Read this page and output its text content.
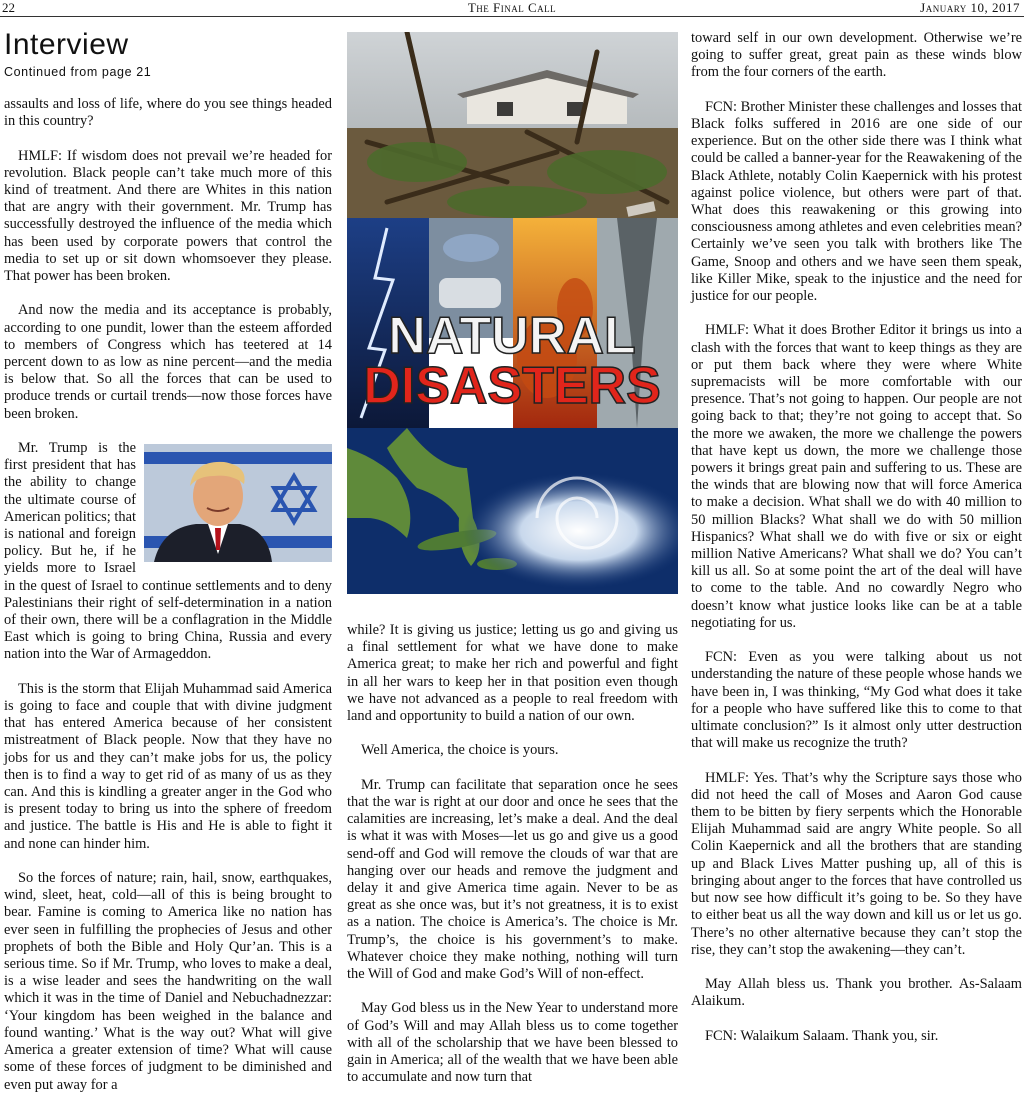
22	The Final Call	January 10, 2017
Interview
Continued from page 21

assaults and loss of life, where do you see things headed in this country?

HMLF: If wisdom does not prevail we’re headed for revolution. Black people can’t take much more of this kind of treatment. And there are Whites in this nation that are angry with their government. Mr. Trump has successfully destroyed the influence of the media which has been used by corporate powers that control the media to set up or sit down whomsoever they please. That power has been broken.

And now the media and its acceptance is probably, according to one pundit, lower than the esteem afforded to members of Congress which has teetered at 14 percent down to as low as nine percent—and the media is below that. So all the forces that can be used to produce trends or curtail trends—now those forces have been broken.

Mr. Trump is the first president that has the ability to change the ultimate course of American politics; that is national and foreign policy. But he, if he yields more to Israel in the quest of Israel to continue settlements and to deny Palestinians their right of self-determination in a nation of their own, there will be a conflagration in the Middle East which is going to bring China, Russia and every nation into the War of Armageddon.

This is the storm that Elijah Muhammad said America is going to face and couple that with divine judgment that has entered America because of her consistent mistreatment of Black people. Now that they have no jobs for us and they can’t make jobs for us, the policy then is to find a way to get rid of as many of us as they can. And this is kindling a greater anger in the God who is present today to bring us into the sphere of freedom and justice. The battle is His and He is able to fight it and none can hinder him.

So the forces of nature; rain, hail, snow, earthquakes, wind, sleet, heat, cold—all of this is being brought to bear. Famine is coming to America like no nation has ever seen in fulfilling the prophecies of Jesus and other prophets of both the Bible and Holy Qur’an. This is a serious time. So if Mr. Trump, who loves to make a deal, is a wise leader and sees the handwriting on the wall which it was in the time of Daniel and Nebuchadnezzar: ‘Your kingdom has been weighed in the balance and found wanting.’ What is the way out? What will give America a greater extension of time? What will cause some of these forces of judgment to be diminished and even put away for a

NATURAL
DISASTERS

while? It is giving us justice; letting us go and giving us a final settlement for what we have done to make America great; to make her rich and powerful and fight in all her wars to keep her in that position even though we have not advanced as a people to real freedom with land and opportunity to build a nation of our own.

Well America, the choice is yours.

Mr. Trump can facilitate that separation once he sees that the war is right at our door and once he sees that the calamities are increasing, let’s make a deal. And the deal is what it was with Moses—let us go and give us a good send-off and God will remove the clouds of war that are hanging over our heads and remove the judgment and delay it and give America time again. Never to be as great as she once was, but it’s not greatness, it is to exist as a nation. The choice is America’s. The choice is Mr. Trump’s, the choice is his government’s to make. Whatever choice they make nothing, nothing will turn the Will of God and make God’s Will of non-effect.

May God bless us in the New Year to understand more of God’s Will and may Allah bless us to come together with all of the scholarship that we have been blessed to gain in America; all of the wealth that we have been able to accumulate and now turn that

toward self in our own development. Otherwise we’re going to suffer great, great pain as these winds blow from the four corners of the earth.

FCN: Brother Minister these challenges and losses that Black folks suffered in 2016 are one side of our experience. But on the other side there was I think what could be called a banner-year for the Reawakening of the Black Athlete, notably Colin Kaepernick with his protest against police violence, but others were part of that. What does this reawakening or this growing into consciousness among athletes and even celebrities mean? Certainly we’ve seen you talk with brothers like The Game, Snoop and others and we have seen them speak, like Killer Mike, speak to the injustice and the need for justice for our people.

HMLF: What it does Brother Editor it brings us into a clash with the forces that want to keep things as they are or put them back where they were where White supremacists will be more comfortable with our presence. That’s not going to happen. Our people are not going back to that; they’re not going to accept that. So the more we awaken, the more we challenge the powers that have kept us down, the more we challenge those powers it brings great pain and suffering to us. These are the winds that are blowing now that will force America to make a decision. What shall we do with 40 million to 50 million Blacks? What shall we do with 50 million Hispanics? What shall we do with five or six or eight million Native Americans? What shall we do? You can’t kill us all. So at some point the art of the deal will have to come to the table. And no cowardly Negro who doesn’t know what justice looks like can be at a table negotiating for us.

FCN: Even as you were talking about us not understanding the nature of these people whose hands we have been in, I was thinking, “My God what does it take for a people who have suffered like this to come to that ultimate conclusion?” Is it almost only utter destruction that will make us recognize the truth?

HMLF: Yes. That’s why the Scripture says those who did not heed the call of Moses and Aaron God cause them to be bitten by fiery serpents which the Honorable Elijah Muhammad said are angry White people. So all Colin Kaepernick and all the brothers that are standing up and Black Lives Matter pushing up, all of this is bringing about anger to the forces that have controlled us but now see how difficult it’s going to be. So they have to either beat us all the way down and kill us or let us go. There’s no other alternative because they can’t stop the rise, they can’t stop the awakening—they can’t.

May Allah bless us. Thank you brother. As-Salaam Alaikum.

FCN: Walaikum Salaam. Thank you, sir.
